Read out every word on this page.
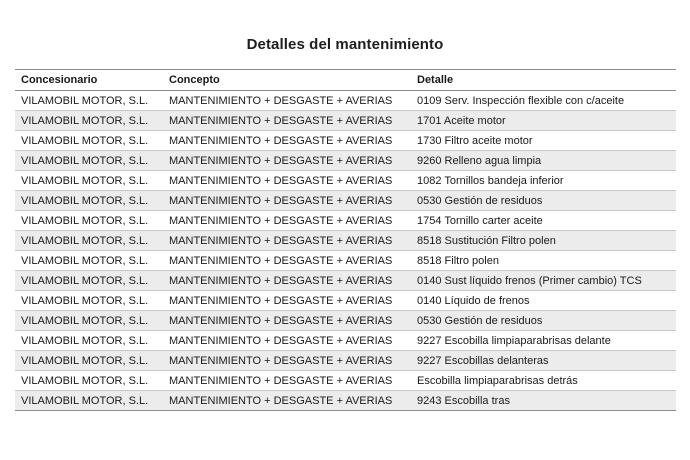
Detalles del mantenimiento
Concesionario	Concepto	Detalle
VILAMOBIL MOTOR, S.L.	MANTENIMIENTO + DESGASTE + AVERIAS	0109 Serv. Inspección flexible con c/aceite
VILAMOBIL MOTOR, S.L.	MANTENIMIENTO + DESGASTE + AVERIAS	1701 Aceite motor
VILAMOBIL MOTOR, S.L.	MANTENIMIENTO + DESGASTE + AVERIAS	1730 Filtro aceite motor
VILAMOBIL MOTOR, S.L.	MANTENIMIENTO + DESGASTE + AVERIAS	9260 Relleno agua limpia
VILAMOBIL MOTOR, S.L.	MANTENIMIENTO + DESGASTE + AVERIAS	1082 Tornillos bandeja inferior
VILAMOBIL MOTOR, S.L.	MANTENIMIENTO + DESGASTE + AVERIAS	0530 Gestión de residuos
VILAMOBIL MOTOR, S.L.	MANTENIMIENTO + DESGASTE + AVERIAS	1754 Tornillo carter aceite
VILAMOBIL MOTOR, S.L.	MANTENIMIENTO + DESGASTE + AVERIAS	8518 Sustitución Filtro polen
VILAMOBIL MOTOR, S.L.	MANTENIMIENTO + DESGASTE + AVERIAS	8518 Filtro polen
VILAMOBIL MOTOR, S.L.	MANTENIMIENTO + DESGASTE + AVERIAS	0140 Sust líquido frenos (Primer cambio) TCS
VILAMOBIL MOTOR, S.L.	MANTENIMIENTO + DESGASTE + AVERIAS	0140 Líquido de frenos
VILAMOBIL MOTOR, S.L.	MANTENIMIENTO + DESGASTE + AVERIAS	0530 Gestión de residuos
VILAMOBIL MOTOR, S.L.	MANTENIMIENTO + DESGASTE + AVERIAS	9227 Escobilla limpiaparabrisas delante
VILAMOBIL MOTOR, S.L.	MANTENIMIENTO + DESGASTE + AVERIAS	9227 Escobillas delanteras
VILAMOBIL MOTOR, S.L.	MANTENIMIENTO + DESGASTE + AVERIAS	Escobilla limpiaparabrisas detrás
VILAMOBIL MOTOR, S.L.	MANTENIMIENTO + DESGASTE + AVERIAS	9243 Escobilla tras
